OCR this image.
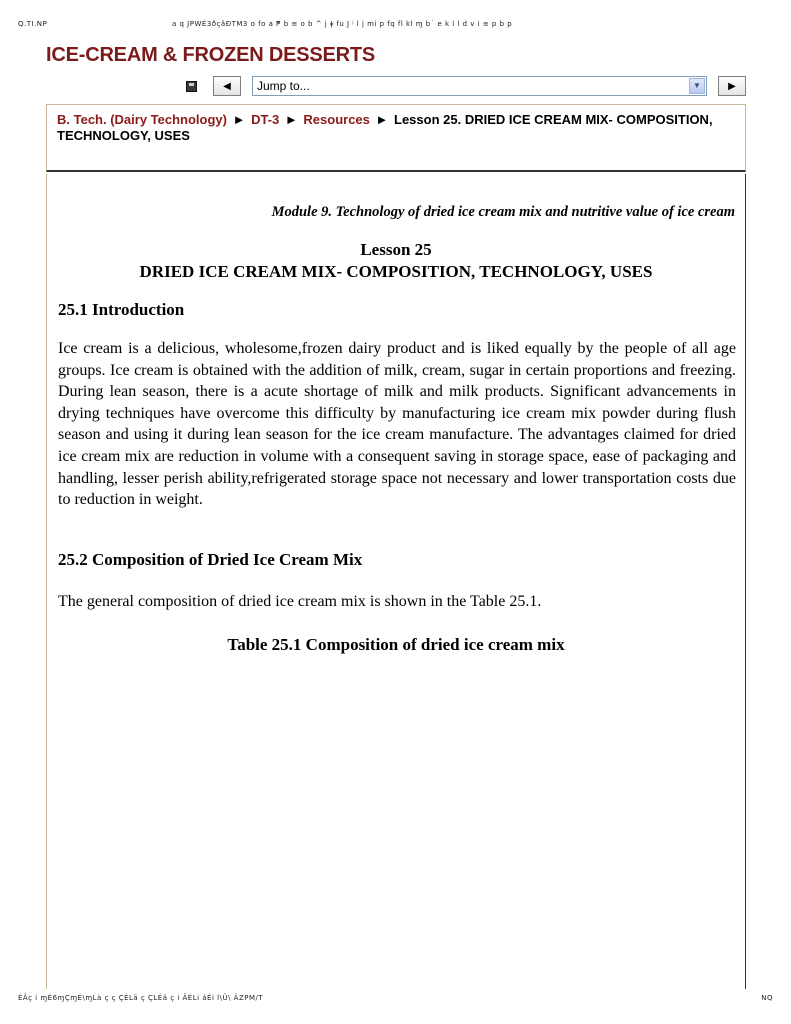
Q.TI.NP	a q JPWÉ3ðçâÐTM3 o fo a ₱ b ≡ o b ^ j ǂ fu J ʲ l j mi p fq fl kl ɱ b˙ e k l l d v i ≡ p b p
ICE-CREAM & FROZEN DESSERTS
◀	Jump to...	▼	▶
B. Tech. (Dairy Technology) ► DT-3 ► Resources ► Lesson 25. DRIED ICE CREAM MIX- COMPOSITION, TECHNOLOGY, USES
Module 9. Technology of dried ice cream mix and nutritive value of ice cream
Lesson 25
DRIED ICE CREAM MIX- COMPOSITION, TECHNOLOGY, USES
25.1 Introduction
Ice cream is a delicious, wholesome,frozen dairy product and is liked equally by the people of all age groups. Ice cream is obtained with the addition of milk, cream, sugar in certain proportions and freezing. During lean season, there is a acute shortage of milk and milk products. Significant advancements in drying techniques have overcome this difficulty by manufacturing ice cream mix powder during flush season and using it during lean season for the ice cream manufacture. The advantages claimed for dried ice cream mix are reduction in volume with a consequent saving in storage space, ease of packaging and handling, lesser perish ability,refrigerated storage space not necessary and lower transportation costs due to reduction in weight.
25.2 Composition of Dried Ice Cream Mix
The general composition of dried ice cream mix is shown in the Table 25.1.
Table 25.1 Composition of dried ice cream mix
ÉÂç i ɱÉ6ɱÇɱÉ\ɱLà ç ç ÇÉLä ç ÇLÉä ç i ÂÉLi áÉi l\Ü\ ÄZPM/T	NQ
